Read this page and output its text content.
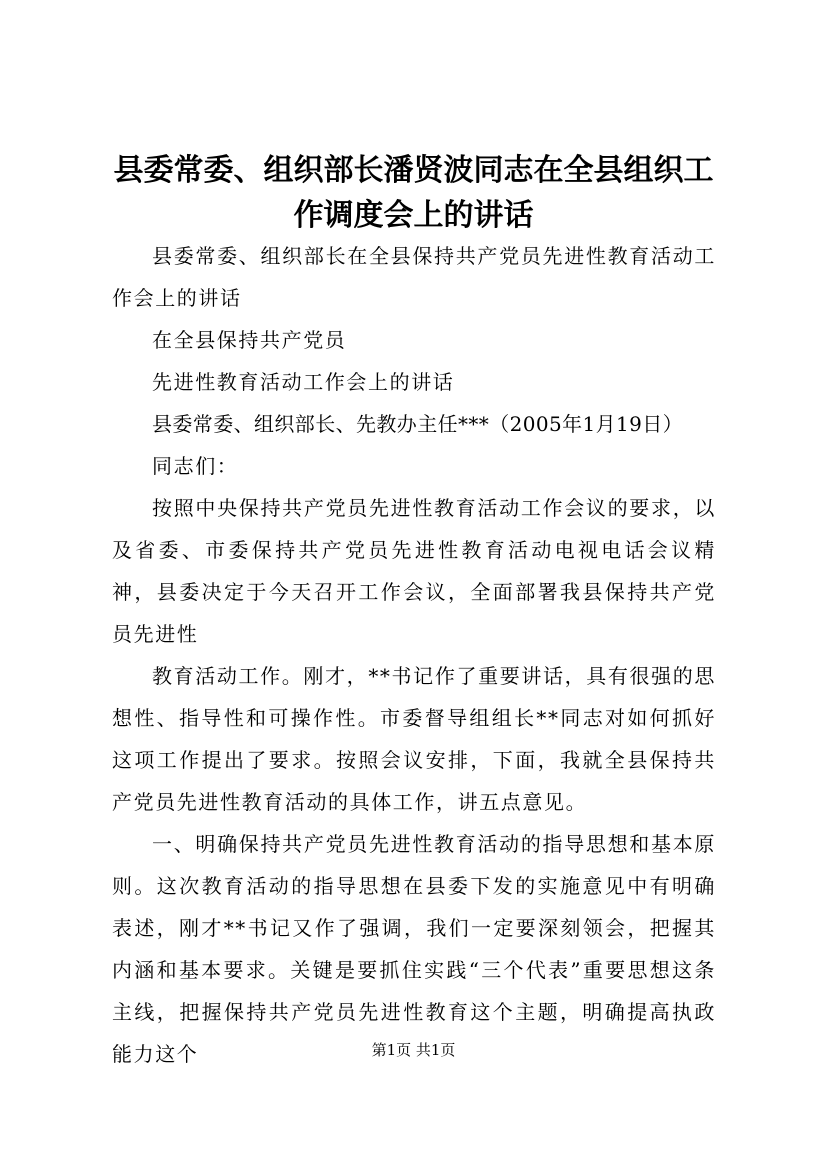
县委常委、组织部长潘贤波同志在全县组织工作调度会上的讲话

县委常委、组织部长在全县保持共产党员先进性教育活动工作会上的讲话

在全县保持共产党员

先进性教育活动工作会上的讲话

县委常委、组织部长、先教办主任***（2005年1月19日）

同志们：

按照中央保持共产党员先进性教育活动工作会议的要求，以及省委、市委保持共产党员先进性教育活动电视电话会议精神，县委决定于今天召开工作会议，全面部署我县保持共产党员先进性

教育活动工作。刚才，**书记作了重要讲话，具有很强的思想性、指导性和可操作性。市委督导组组长**同志对如何抓好这项工作提出了要求。按照会议安排，下面，我就全县保持共产党员先进性教育活动的具体工作，讲五点意见。

一、明确保持共产党员先进性教育活动的指导思想和基本原则。这次教育活动的指导思想在县委下发的实施意见中有明确表述，刚才**书记又作了强调，我们一定要深刻领会，把握其内涵和基本要求。关键是要抓住实践“三个代表”重要思想这条主线，把握保持共产党员先进性教育这个主题，明确提高执政能力这个	第1页 共1页
